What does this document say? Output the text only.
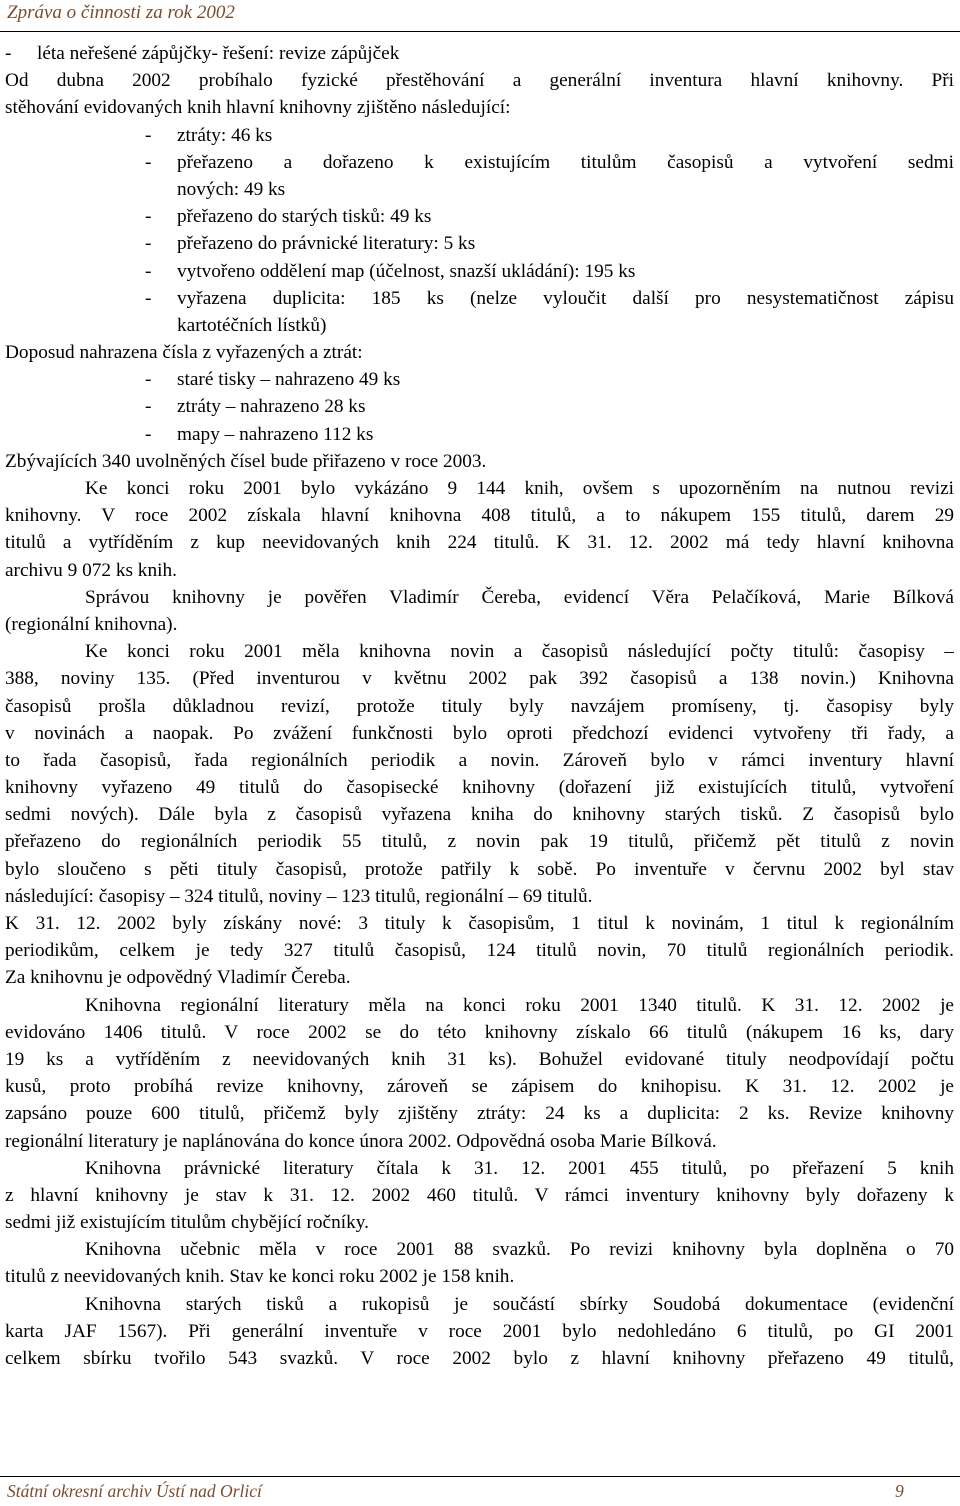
Zpráva o činnosti za rok 2002
- léta neřešené zápůjčky- řešení: revize zápůjček
Od dubna 2002 probíhalo fyzické přestěhování a generální inventura hlavní knihovny. Při
stěhování evidovaných knih hlavní knihovny zjištěno následující:
- ztráty: 46 ks
- přeřazeno a dořazeno k existujícím titulům časopisů a vytvoření sedmi
nových: 49 ks
- přeřazeno do starých tisků: 49 ks
- přeřazeno do právnické literatury: 5 ks
- vytvořeno oddělení map (účelnost, snazší ukládání): 195 ks
- vyřazena duplicita: 185 ks (nelze vyloučit další pro nesystematičnost zápisu
kartotéčních lístků)
Doposud nahrazena čísla z vyřazených a ztrát:
- staré tisky – nahrazeno 49 ks
- ztráty – nahrazeno 28 ks
- mapy – nahrazeno 112 ks
Zbývajících 340 uvolněných čísel bude přiřazeno v roce 2003.
Ke konci roku 2001 bylo vykázáno 9 144 knih, ovšem s upozorněním na nutnou revizi
knihovny. V roce 2002 získala hlavní knihovna 408 titulů, a to nákupem 155 titulů, darem 29
titulů a vytříděním z kup neevidovaných knih 224 titulů. K 31. 12. 2002 má tedy hlavní knihovna
archivu 9 072 ks knih.
Správou knihovny je pověřen Vladimír Čereba, evidencí Věra Pelačíková, Marie Bílková
(regionální knihovna).
Ke konci roku 2001 měla knihovna novin a časopisů následující počty titulů: časopisy –
388, noviny 135. (Před inventurou v květnu 2002 pak 392 časopisů a 138 novin.) Knihovna
časopisů prošla důkladnou revizí, protože tituly byly navzájem promíseny, tj. časopisy byly
v novinách a naopak. Po zvážení funkčnosti bylo oproti předchozí evidenci vytvořeny tři řady, a
to řada časopisů, řada regionálních periodik a novin. Zároveň bylo v rámci inventury hlavní
knihovny vyřazeno 49 titulů do časopisecké knihovny (dořazení již existujících titulů, vytvoření
sedmi nových). Dále byla z časopisů vyřazena kniha do knihovny starých tisků. Z časopisů bylo
přeřazeno do regionálních periodik 55 titulů, z novin pak 19 titulů, přičemž pět titulů z novin
bylo sloučeno s pěti tituly časopisů, protože patřily k sobě. Po inventuře v červnu 2002 byl stav
následující: časopisy – 324 titulů, noviny – 123 titulů, regionální – 69 titulů.
K 31. 12. 2002 byly získány nové: 3 tituly k časopisům, 1 titul k novinám, 1 titul k regionálním
periodikům, celkem je tedy 327 titulů časopisů, 124 titulů novin, 70 titulů regionálních periodik.
Za knihovnu je odpovědný Vladimír Čereba.
Knihovna regionální literatury měla na konci roku 2001 1340 titulů. K 31. 12. 2002 je
evidováno 1406 titulů. V roce 2002 se do této knihovny získalo 66 titulů (nákupem 16 ks, dary
19 ks a vytříděním z neevidovaných knih 31 ks). Bohužel evidované tituly neodpovídají počtu
kusů, proto probíhá revize knihovny, zároveň se zápisem do knihopisu. K 31. 12. 2002 je
zapsáno pouze 600 titulů, přičemž byly zjištěny ztráty: 24 ks a duplicita: 2 ks. Revize knihovny
regionální literatury je naplánována do konce února 2002. Odpovědná osoba Marie Bílková.
Knihovna právnické literatury čítala k 31. 12. 2001 455 titulů, po přeřazení 5 knih
z hlavní knihovny je stav k 31. 12. 2002 460 titulů. V rámci inventury knihovny byly dořazeny k
sedmi již existujícím titulům chybějící ročníky.
Knihovna učebnic měla v roce 2001 88 svazků. Po revizi knihovny byla doplněna o 70
titulů z neevidovaných knih. Stav ke konci roku 2002 je 158 knih.
Knihovna starých tisků a rukopisů je součástí sbírky Soudobá dokumentace (evidenční
karta JAF 1567). Při generální inventuře v roce 2001 bylo nedohledáno 6 titulů, po GI 2001
celkem sbírku tvořilo 543 svazků. V roce 2002 bylo z hlavní knihovny přeřazeno 49 titulů,
Státní okresní archiv Ústí nad Orlicí	9
